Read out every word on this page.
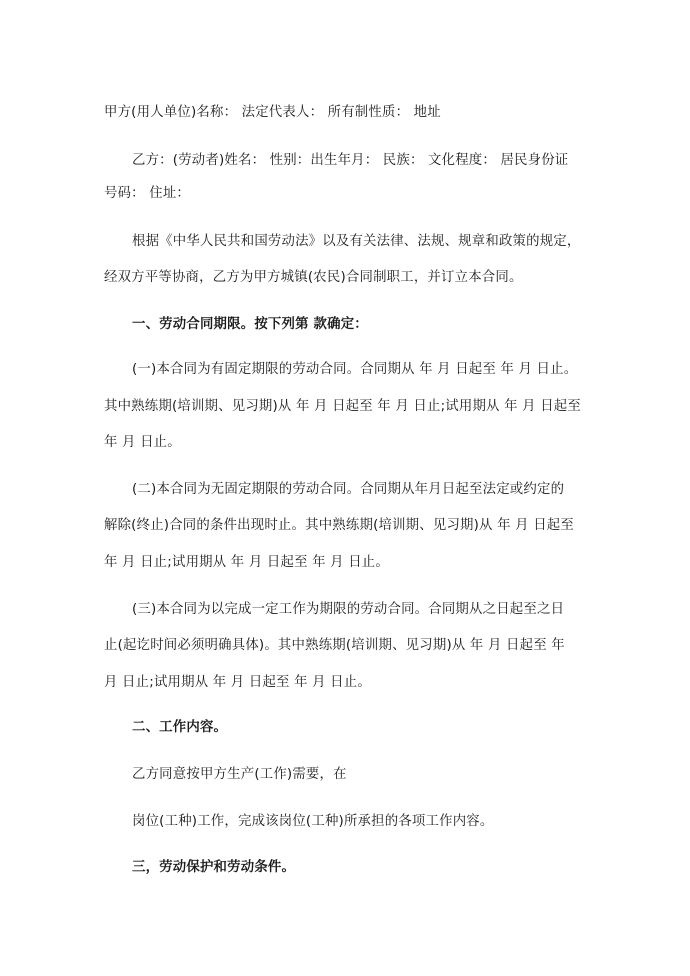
甲方(用人单位)名称： 法定代表人： 所有制性质： 地址
乙方：(劳动者)姓名： 性别：出生年月： 民族： 文化程度： 居民身份证
号码： 住址：
根据《中华人民共和国劳动法》以及有关法律、法规、规章和政策的规定，
经双方平等协商，乙方为甲方城镇(农民)合同制职工，并订立本合同。
一、劳动合同期限。按下列第 款确定：
(一)本合同为有固定期限的劳动合同。合同期从 年 月 日起至 年 月 日止。
其中熟练期(培训期、见习期)从 年 月 日起至 年 月 日止;试用期从 年 月 日起至
年 月 日止。
(二)本合同为无固定期限的劳动合同。合同期从年月日起至法定或约定的
解除(终止)合同的条件出现时止。其中熟练期(培训期、见习期)从 年 月 日起至
年 月 日止;试用期从 年 月 日起至 年 月 日止。
(三)本合同为以完成一定工作为期限的劳动合同。合同期从之日起至之日
止(起讫时间必须明确具体)。其中熟练期(培训期、见习期)从 年 月 日起至 年
月 日止;试用期从 年 月 日起至 年 月 日止。
二、工作内容。
乙方同意按甲方生产(工作)需要，在
岗位(工种)工作，完成该岗位(工种)所承担的各项工作内容。
三，劳动保护和劳动条件。
